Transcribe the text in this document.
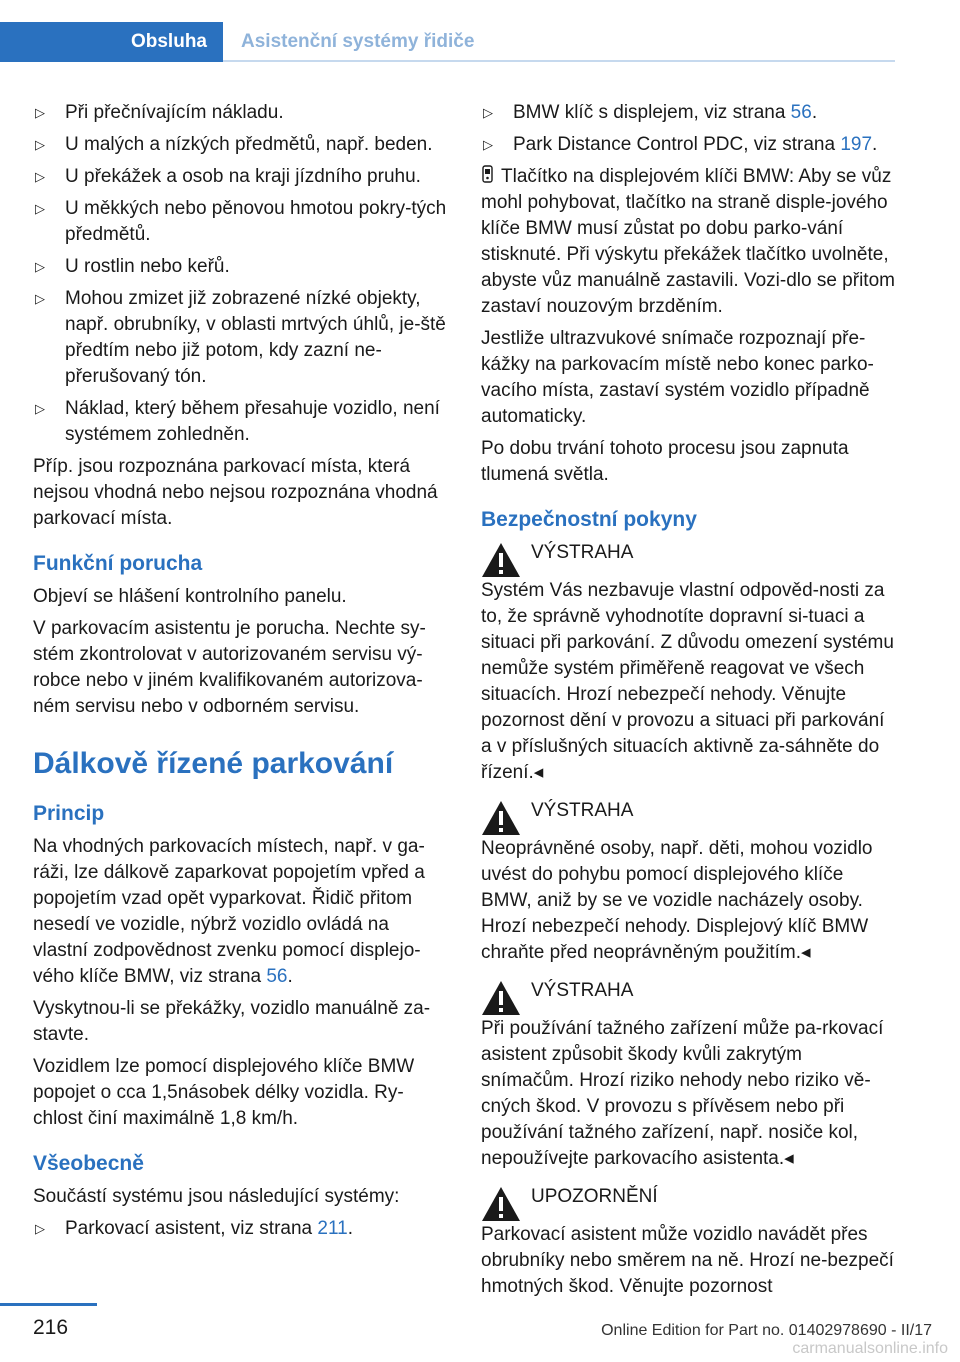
Obsluha Asistenční systémy řidiče
▷ Při přečnívajícím nákladu.
▷ U malých a nízkých předmětů, např. beden.
▷ U překážek a osob na kraji jízdního pruhu.
▷ U měkkých nebo pěnovou hmotou pokry-tých předmětů.
▷ U rostlin nebo keřů.
▷ Mohou zmizet již zobrazené nízké objekty, např. obrubníky, v oblasti mrtvých úhlů, je-ště předtím nebo již potom, kdy zazní ne-přerušovaný tón.
▷ Náklad, který během přesahuje vozidlo, není systémem zohledněn.

Příp. jsou rozpoznána parkovací místa, která nejsou vhodná nebo nejsou rozpoznána vhodná parkovací místa.

Funkční porucha

Objeví se hlášení kontrolního panelu.

V parkovacím asistentu je porucha. Nechte sy-stém zkontrolovat v autorizovaném servisu vý-robce nebo v jiném kvalifikovaném autorizova-ném servisu nebo v odborném servisu.

Dálkově řízené parkování
Princip

Na vhodných parkovacích místech, např. v ga-ráži, lze dálkově zaparkovat popojetím vpřed a popojetím vzad opět vyparkovat. Řidič přitom nesedí ve vozidle, nýbrž vozidlo ovládá na vlastní zodpovědnost zvenku pomocí displejo-vého klíče BMW, viz strana 56.

Vyskytnou-li se překážky, vozidlo manuálně za-stavte.

Vozidlem lze pomocí displejového klíče BMW popojet o cca 1,5násobek délky vozidla. Ry-chlost činí maximálně 1,8 km/h.

Všeobecně

Součástí systému jsou následující systémy:

▷ Parkovací asistent, viz strana 211.
▷ BMW klíč s displejem, viz strana 56.
▷ Park Distance Control PDC, viz strana 197.

Tlačítko na displejovém klíči BMW: Aby se vůz mohl pohybovat, tlačítko na straně disple-jového klíče BMW musí zůstat po dobu parko-vání stisknuté. Při výskytu překážek tlačítko uvolněte, abyste vůz manuálně zastavili. Vozi-dlo se přitom zastaví nouzovým brzděním.

Jestliže ultrazvukové snímače rozpoznají pře-kážky na parkovacím místě nebo konec parko-vacího místa, zastaví systém vozidlo případně automaticky.

Po dobu trvání tohoto procesu jsou zapnuta tlumená světla.

Bezpečnostní pokyny
VÝSTRAHA
Systém Vás nezbavuje vlastní odpověd-nosti za to, že správně vyhodnotíte dopravní si-tuaci a situaci při parkování. Z důvodu omezení systému nemůže systém přiměřeně reagovat ve všech situacích. Hrozí nebezpečí nehody. Věnujte pozornost dění v provozu a situaci při parkování a v příslušných situacích aktivně za-sáhněte do řízení.◂
VÝSTRAHA
Neoprávněné osoby, např. děti, mohou vozidlo uvést do pohybu pomocí displejového klíče BMW, aniž by se ve vozidle nacházely osoby. Hrozí nebezpečí nehody. Displejový klíč BMW chraňte před neoprávněným použitím.◂
VÝSTRAHA
Při používání tažného zařízení může pa-rkovací asistent způsobit škody kvůli zakrytým snímačům. Hrozí riziko nehody nebo riziko vě-cných škod. V provozu s přívěsem nebo při používání tažného zařízení, např. nosiče kol, nepoužívejte parkovacího asistenta.◂
UPOZORNĚNÍ
Parkovací asistent může vozidlo navádět přes obrubníky nebo směrem na ně. Hrozí ne-bezpečí hmotných škod. Věnujte pozornost
216	Online Edition for Part no. 01402978690 - II/17
carmanualsonline.info
